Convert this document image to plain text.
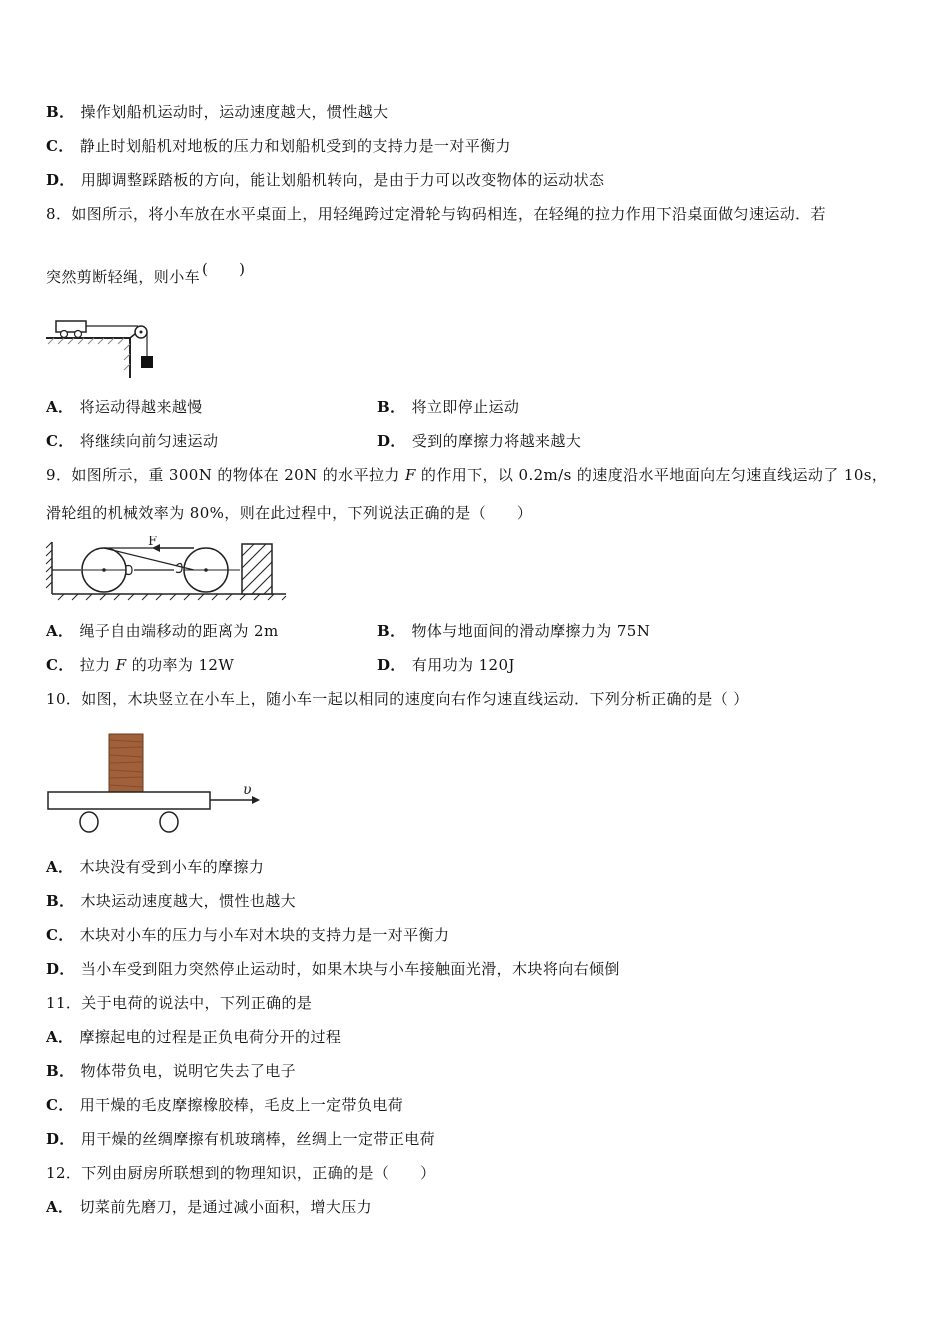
B． 操作划船机运动时，运动速度越大，惯性越大
C． 静止时划船机对地板的压力和划船机受到的支持力是一对平衡力
D． 用脚调整踩踏板的方向，能让划船机转向，是由于力可以改变物体的运动状态
8．如图所示，将小车放在水平桌面上，用轻绳跨过定滑轮与钩码相连，在轻绳的拉力作用下沿桌面做匀速运动．若
突然剪断轻绳，则小车 (　　)
A． 将运动得越来越慢	B． 将立即停止运动
C． 将继续向前匀速运动	D． 受到的摩擦力将越来越大
9．如图所示，重 300N 的物体在 20N 的水平拉力 F 的作用下，以 0.2m/s 的速度沿水平地面向左匀速直线运动了 10s，
滑轮组的机械效率为 80%，则在此过程中，下列说法正确的是（　　）
F
A． 绳子自由端移动的距离为 2m	B． 物体与地面间的滑动摩擦力为 75N
C． 拉力 F 的功率为 12W	D． 有用功为 120J
10．如图，木块竖立在小车上，随小车一起以相同的速度向右作匀速直线运动．下列分析正确的是（ ）
υ
A． 木块没有受到小车的摩擦力
B． 木块运动速度越大，惯性也越大
C． 木块对小车的压力与小车对木块的支持力是一对平衡力
D． 当小车受到阻力突然停止运动时，如果木块与小车接触面光滑，木块将向右倾倒
11．关于电荷的说法中，下列正确的是
A． 摩擦起电的过程是正负电荷分开的过程
B． 物体带负电，说明它失去了电子
C． 用干燥的毛皮摩擦橡胶棒，毛皮上一定带负电荷
D． 用干燥的丝绸摩擦有机玻璃棒，丝绸上一定带正电荷
12．下列由厨房所联想到的物理知识，正确的是（　　）
A． 切菜前先磨刀，是通过减小面积，增大压力
